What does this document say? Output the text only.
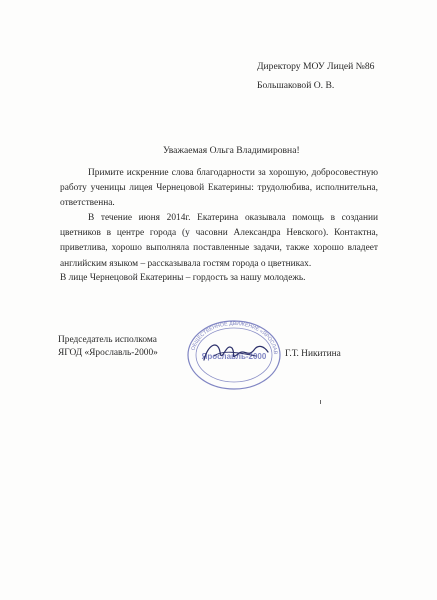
Директору МОУ Лицей №86
Большаковой О. В.
Уважаемая Ольга Владимировна!
Примите искренние слова благодарности за хорошую, добросовестную работу ученицы лицея Чернецовой Екатерины: трудолюбива, исполнительна, ответственна.
В течение июня 2014г. Екатерина оказывала помощь в создании цветников в центре города (у часовни Александра Невского). Контактна, приветлива, хорошо выполняла поставленные задачи, также хорошо владеет английским языком – рассказывала гостям города о цветниках.
В лице Чернецовой Екатерины – гордость за нашу молодежь.
Председатель исполкома
ЯГОД «Ярославль-2000»	ОБЩЕСТВЕННОЕ ДВИЖЕНИЕ «ЯРОСЛАВ
Ярославль-2000 Г.Т. Никитина
